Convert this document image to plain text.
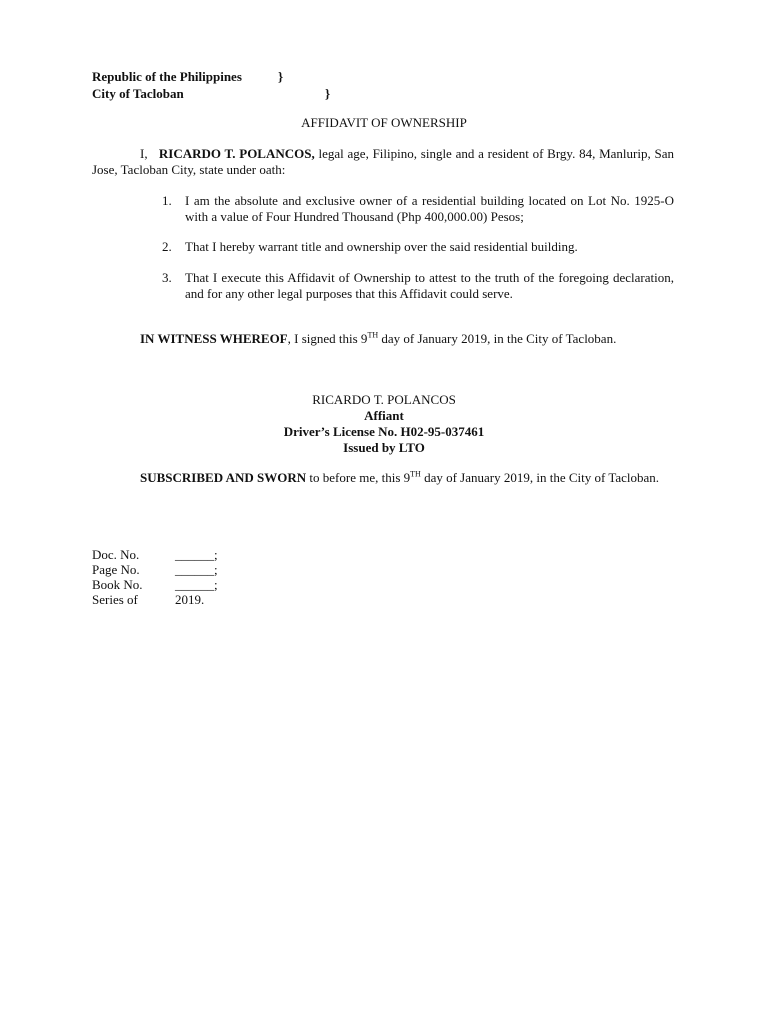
Republic of the Philippines	}
City of Tacloban	}
AFFIDAVIT OF OWNERSHIP
I, RICARDO T. POLANCOS, legal age, Filipino, single and a resident of Brgy. 84, Manlurip, San Jose, Tacloban City, state under oath:
1. I am the absolute and exclusive owner of a residential building located on Lot No. 1925-O with a value of Four Hundred Thousand (Php 400,000.00) Pesos;
2. That I hereby warrant title and ownership over the said residential building.
3. That I execute this Affidavit of Ownership to attest to the truth of the foregoing declaration, and for any other legal purposes that this Affidavit could serve.
IN WITNESS WHEREOF, I signed this 9TH day of January 2019, in the City of Tacloban.
RICARDO T. POLANCOS
Affiant
Driver’s License No. H02-95-037461
Issued by LTO
SUBSCRIBED AND SWORN to before me, this 9TH day of January 2019, in the City of Tacloban.
Doc. No.	______;
Page No.	______;
Book No. ______;
Series of	2019.
